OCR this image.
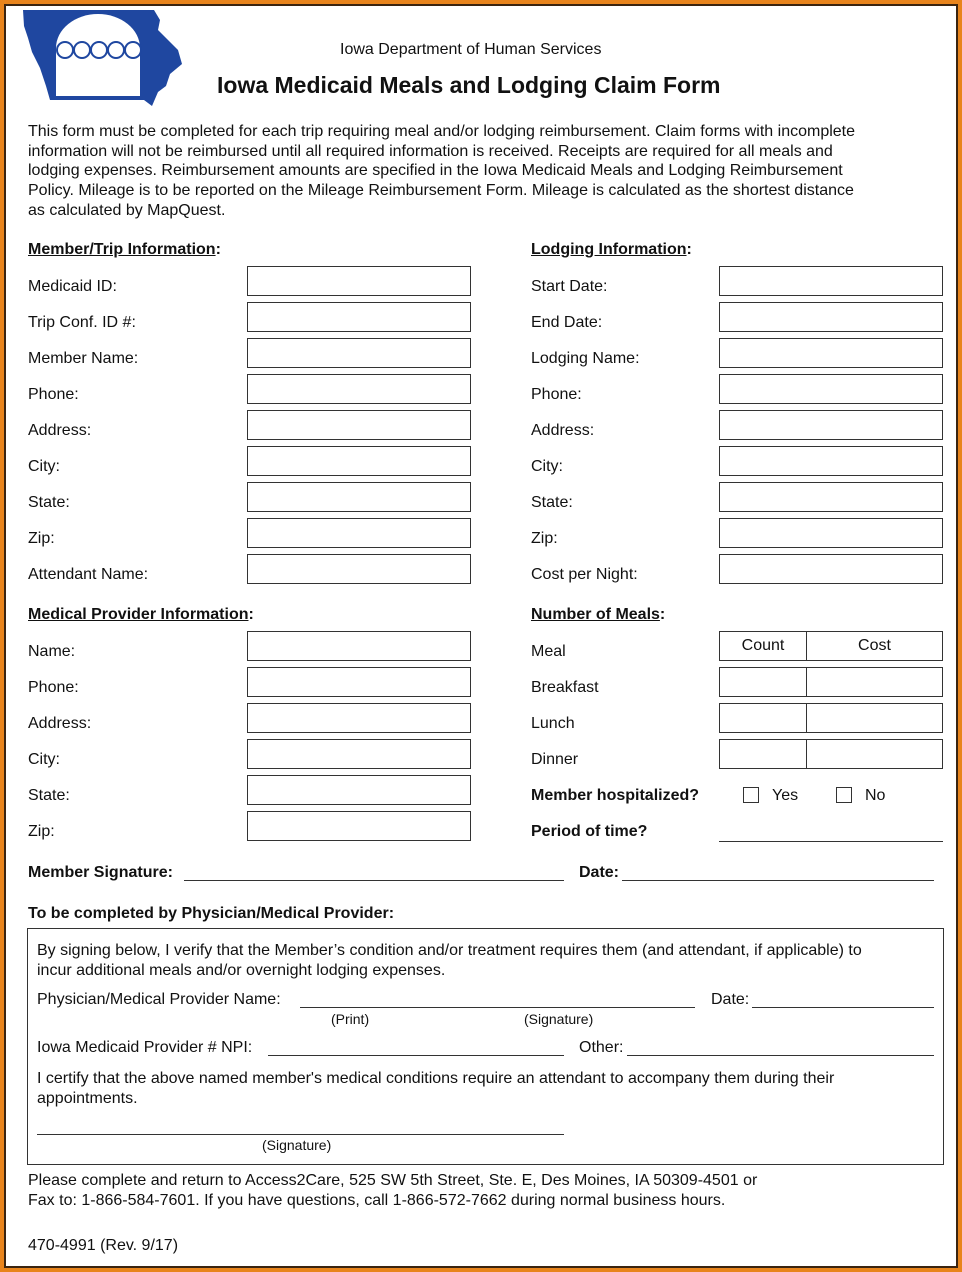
Iowa Department of Human Services
Iowa Medicaid Meals and Lodging Claim Form
This form must be completed for each trip requiring meal and/or lodging reimbursement. Claim forms with incomplete
information will not be reimbursed until all required information is received. Receipts are required for all meals and
lodging expenses. Reimbursement amounts are specified in the Iowa Medicaid Meals and Lodging Reimbursement
Policy. Mileage is to be reported on the Mileage Reimbursement Form. Mileage is calculated as the shortest distance
as calculated by MapQuest.
Member/Trip Information:	Lodging Information:
Medicaid ID:
Trip Conf. ID #:
Member Name:
Phone:
Address:
City:
State:
Zip:
Attendant Name:
Start Date:
End Date:
Lodging Name:
Phone:
Address:
City:
State:
Zip:
Cost per Night:
Medical Provider Information:
Name:
Phone:
Address:
City:
State:
Zip:
Number of Meals:
Meal	Count	Cost
Breakfast
Lunch
Dinner
Member hospitalized?	Yes	No
Period of time?
Member Signature:	Date:
To be completed by Physician/Medical Provider:
By signing below, I verify that the Member’s condition and/or treatment requires them (and attendant, if applicable) to
incur additional meals and/or overnight lodging expenses.
Physician/Medical Provider Name:	Date:
(Print)	(Signature)
Iowa Medicaid Provider # NPI:	Other:
I certify that the above named member's medical conditions require an attendant to accompany them during their
appointments.
(Signature)
Please complete and return to Access2Care, 525 SW 5th Street, Ste. E, Des Moines, IA 50309-4501 or
Fax to: 1-866-584-7601. If you have questions, call 1-866-572-7662 during normal business hours.
470-4991 (Rev. 9/17)
